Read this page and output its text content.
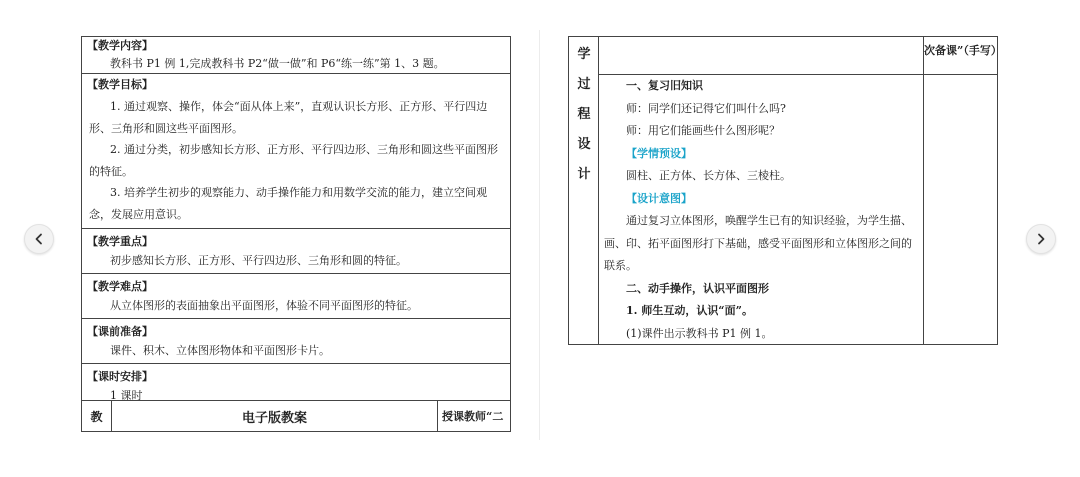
【教学内容】
教科书 P1 例 1,完成教科书 P2“做一做”和 P6“练一练”第 1、3 题。
【教学目标】
1. 通过观察、操作，体会“面从体上来”，直观认识长方形、正方形、平行四边形、三角形和圆这些平面图形。
2. 通过分类，初步感知长方形、正方形、平行四边形、三角形和圆这些平面图形的特征。
3. 培养学生初步的观察能力、动手操作能力和用数学交流的能力，建立空间观念，发展应用意识。
【教学重点】
初步感知长方形、正方形、平行四边形、三角形和圆的特征。
【教学难点】
从立体图形的表面抽象出平面图形，体验不同平面图形的特征。
【课前准备】
课件、积木、立体图形物体和平面图形卡片。
【课时安排】
1 课时
教	电子版教案	授课教师“二
学
过
程
设
计
次备课”（手写）
一、复习旧知识
师：同学们还记得它们叫什么吗?
师：用它们能画些什么图形呢？
【学情预设】
圆柱、正方体、长方体、三棱柱。
【设计意图】
通过复习立体图形，唤醒学生已有的知识经验，为学生描、画、印、拓平面图形打下基础，感受平面图形和立体图形之间的联系。
二、动手操作，认识平面图形
1. 师生互动，认识“面”。
(1)课件出示教科书 P1 例 1。
